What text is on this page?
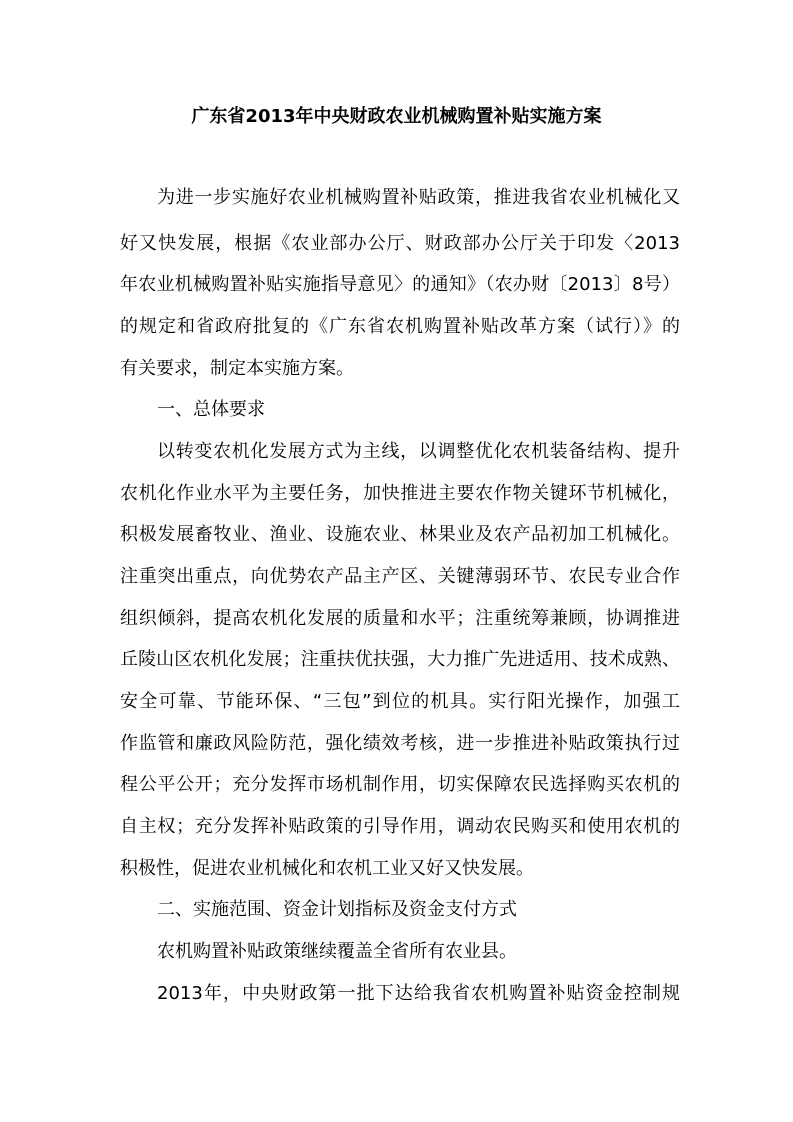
广东省2013年中央财政农业机械购置补贴实施方案
为进一步实施好农业机械购置补贴政策，推进我省农业机械化又
好又快发展，根据《农业部办公厅、财政部办公厅关于印发〈2013
年农业机械购置补贴实施指导意见〉的通知》（农办财〔2013〕8号）
的规定和省政府批复的《广东省农机购置补贴改革方案（试行）》的
有关要求，制定本实施方案。
一、总体要求
以转变农机化发展方式为主线，以调整优化农机装备结构、提升
农机化作业水平为主要任务，加快推进主要农作物关键环节机械化，
积极发展畜牧业、渔业、设施农业、林果业及农产品初加工机械化。
注重突出重点，向优势农产品主产区、关键薄弱环节、农民专业合作
组织倾斜，提高农机化发展的质量和水平；注重统筹兼顾，协调推进
丘陵山区农机化发展；注重扶优扶强，大力推广先进适用、技术成熟、
安全可靠、节能环保、“三包”到位的机具。实行阳光操作，加强工
作监管和廉政风险防范，强化绩效考核，进一步推进补贴政策执行过
程公平公开；充分发挥市场机制作用，切实保障农民选择购买农机的
自主权；充分发挥补贴政策的引导作用，调动农民购买和使用农机的
积极性，促进农业机械化和农机工业又好又快发展。
二、实施范围、资金计划指标及资金支付方式
农机购置补贴政策继续覆盖全省所有农业县。
2013年，中央财政第一批下达给我省农机购置补贴资金控制规
